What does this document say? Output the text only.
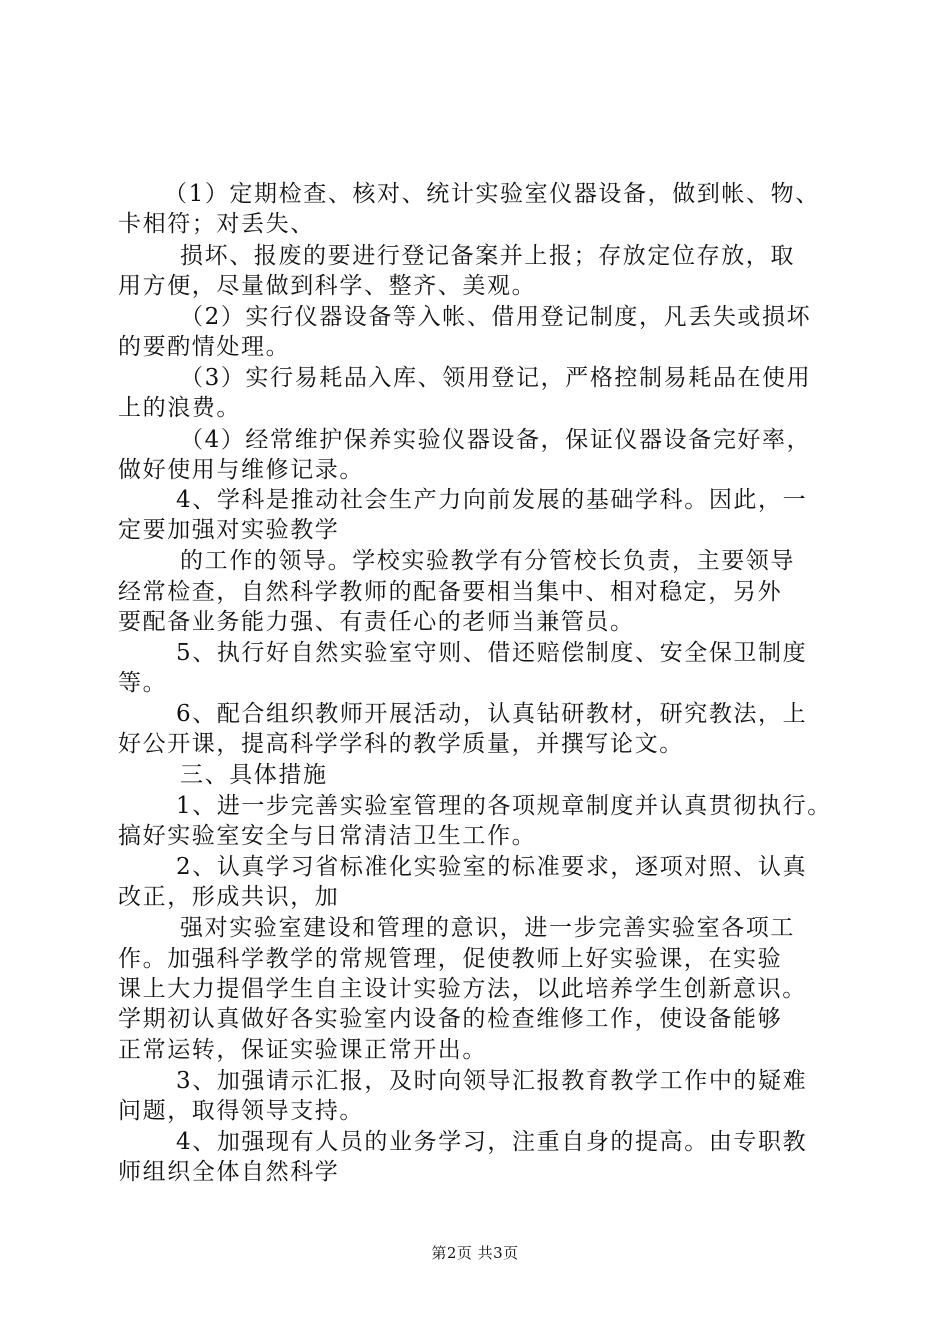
（1）定期检查、核对、统计实验室仪器设备，做到帐、物、
卡相符；对丢失、
损坏、报废的要进行登记备案并上报；存放定位存放，取
用方便，尽量做到科学、整齐、美观。
（2）实行仪器设备等入帐、借用登记制度，凡丢失或损坏
的要酌情处理。
（3）实行易耗品入库、领用登记，严格控制易耗品在使用
上的浪费。
（4）经常维护保养实验仪器设备，保证仪器设备完好率，
做好使用与维修记录。
4、学科是推动社会生产力向前发展的基础学科。因此，一
定要加强对实验教学
的工作的领导。学校实验教学有分管校长负责，主要领导
经常检查，自然科学教师的配备要相当集中、相对稳定，另外
要配备业务能力强、有责任心的老师当兼管员。
5、执行好自然实验室守则、借还赔偿制度、安全保卫制度
等。
6、配合组织教师开展活动，认真钻研教材，研究教法，上
好公开课，提高科学学科的教学质量，并撰写论文。
三、具体措施
1、进一步完善实验室管理的各项规章制度并认真贯彻执行。
搞好实验室安全与日常清洁卫生工作。
2、认真学习省标准化实验室的标准要求，逐项对照、认真
改正，形成共识，加
强对实验室建设和管理的意识，进一步完善实验室各项工
作。加强科学教学的常规管理，促使教师上好实验课，在实验
课上大力提倡学生自主设计实验方法，以此培养学生创新意识。
学期初认真做好各实验室内设备的检查维修工作，使设备能够
正常运转，保证实验课正常开出。
3、加强请示汇报，及时向领导汇报教育教学工作中的疑难
问题，取得领导支持。
4、加强现有人员的业务学习，注重自身的提高。由专职教
师组织全体自然科学
第2页 共3页
